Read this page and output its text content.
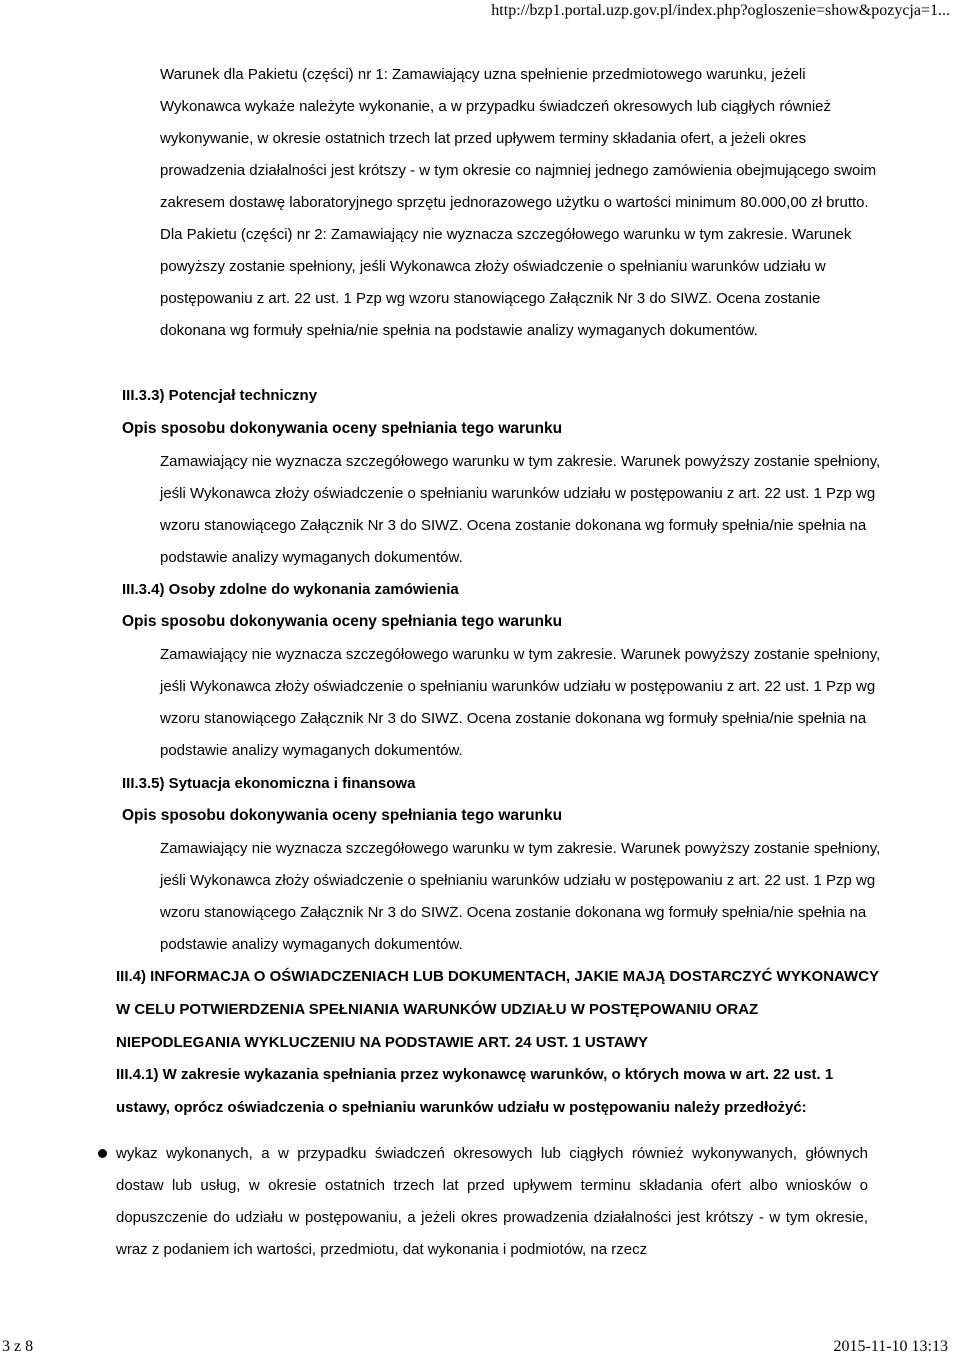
http://bzp1.portal.uzp.gov.pl/index.php?ogloszenie=show&pozycja=1...

Warunek dla Pakietu (części) nr 1: Zamawiający uzna spełnienie przedmiotowego warunku, jeżeli Wykonawca wykaże należyte wykonanie, a w przypadku świadczeń okresowych lub ciągłych również wykonywanie, w okresie ostatnich trzech lat przed upływem terminy składania ofert, a jeżeli okres prowadzenia działalności jest krótszy - w tym okresie co najmniej jednego zamówienia obejmującego swoim zakresem dostawę laboratoryjnego sprzętu jednorazowego użytku o wartości minimum 80.000,00 zł brutto. Dla Pakietu (części) nr 2: Zamawiający nie wyznacza szczegółowego warunku w tym zakresie. Warunek powyższy zostanie spełniony, jeśli Wykonawca złoży oświadczenie o spełnianiu warunków udziału w postępowaniu z art. 22 ust. 1 Pzp wg wzoru stanowiącego Załącznik Nr 3 do SIWZ. Ocena zostanie dokonana wg formuły spełnia/nie spełnia na podstawie analizy wymaganych dokumentów.

III.3.3) Potencjał techniczny
Opis sposobu dokonywania oceny spełniania tego warunku

Zamawiający nie wyznacza szczegółowego warunku w tym zakresie. Warunek powyższy zostanie spełniony, jeśli Wykonawca złoży oświadczenie o spełnianiu warunków udziału w postępowaniu z art. 22 ust. 1 Pzp wg wzoru stanowiącego Załącznik Nr 3 do SIWZ. Ocena zostanie dokonana wg formuły spełnia/nie spełnia na podstawie analizy wymaganych dokumentów.

III.3.4) Osoby zdolne do wykonania zamówienia
Opis sposobu dokonywania oceny spełniania tego warunku

Zamawiający nie wyznacza szczegółowego warunku w tym zakresie. Warunek powyższy zostanie spełniony, jeśli Wykonawca złoży oświadczenie o spełnianiu warunków udziału w postępowaniu z art. 22 ust. 1 Pzp wg wzoru stanowiącego Załącznik Nr 3 do SIWZ. Ocena zostanie dokonana wg formuły spełnia/nie spełnia na podstawie analizy wymaganych dokumentów.

III.3.5) Sytuacja ekonomiczna i finansowa
Opis sposobu dokonywania oceny spełniania tego warunku

Zamawiający nie wyznacza szczegółowego warunku w tym zakresie. Warunek powyższy zostanie spełniony, jeśli Wykonawca złoży oświadczenie o spełnianiu warunków udziału w postępowaniu z art. 22 ust. 1 Pzp wg wzoru stanowiącego Załącznik Nr 3 do SIWZ. Ocena zostanie dokonana wg formuły spełnia/nie spełnia na podstawie analizy wymaganych dokumentów.

III.4) INFORMACJA O OŚWIADCZENIACH LUB DOKUMENTACH, JAKIE MAJĄ DOSTARCZYĆ WYKONAWCY W CELU POTWIERDZENIA SPEŁNIANIA WARUNKÓW UDZIAŁU W POSTĘPOWANIU ORAZ NIEPODLEGANIA WYKLUCZENIU NA PODSTAWIE ART. 24 UST. 1 USTAWY

III.4.1) W zakresie wykazania spełniania przez wykonawcę warunków, o których mowa w art. 22 ust. 1 ustawy, oprócz oświadczenia o spełnianiu warunków udziału w postępowaniu należy przedłożyć:

wykaz wykonanych, a w przypadku świadczeń okresowych lub ciągłych również wykonywanych, głównych dostaw lub usług, w okresie ostatnich trzech lat przed upływem terminu składania ofert albo wniosków o dopuszczenie do udziału w postępowaniu, a jeżeli okres prowadzenia działalności jest krótszy - w tym okresie, wraz z podaniem ich wartości, przedmiotu, dat wykonania i podmiotów, na rzecz
3 z 8	2015-11-10 13:13
